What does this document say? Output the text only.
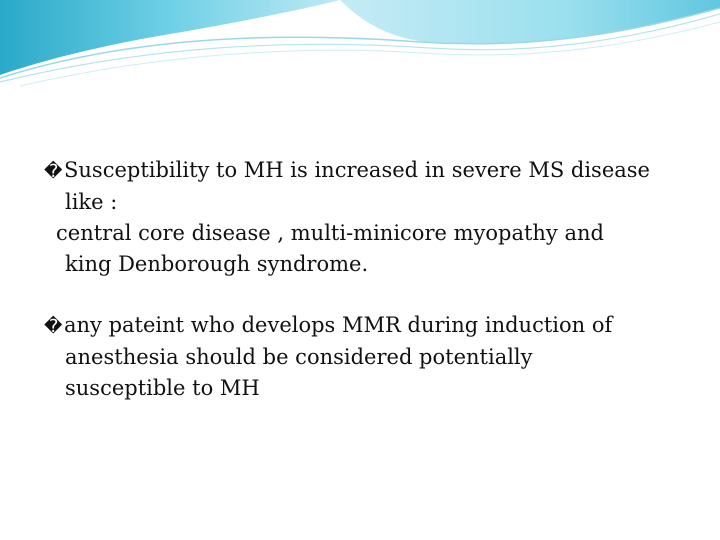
�Susceptibility to MH is increased in severe MS disease
like :
central core disease , multi-minicore myopathy and
king Denborough syndrome.
�any pateint who develops MMR during induction of
anesthesia should be considered potentially
susceptible to MH
